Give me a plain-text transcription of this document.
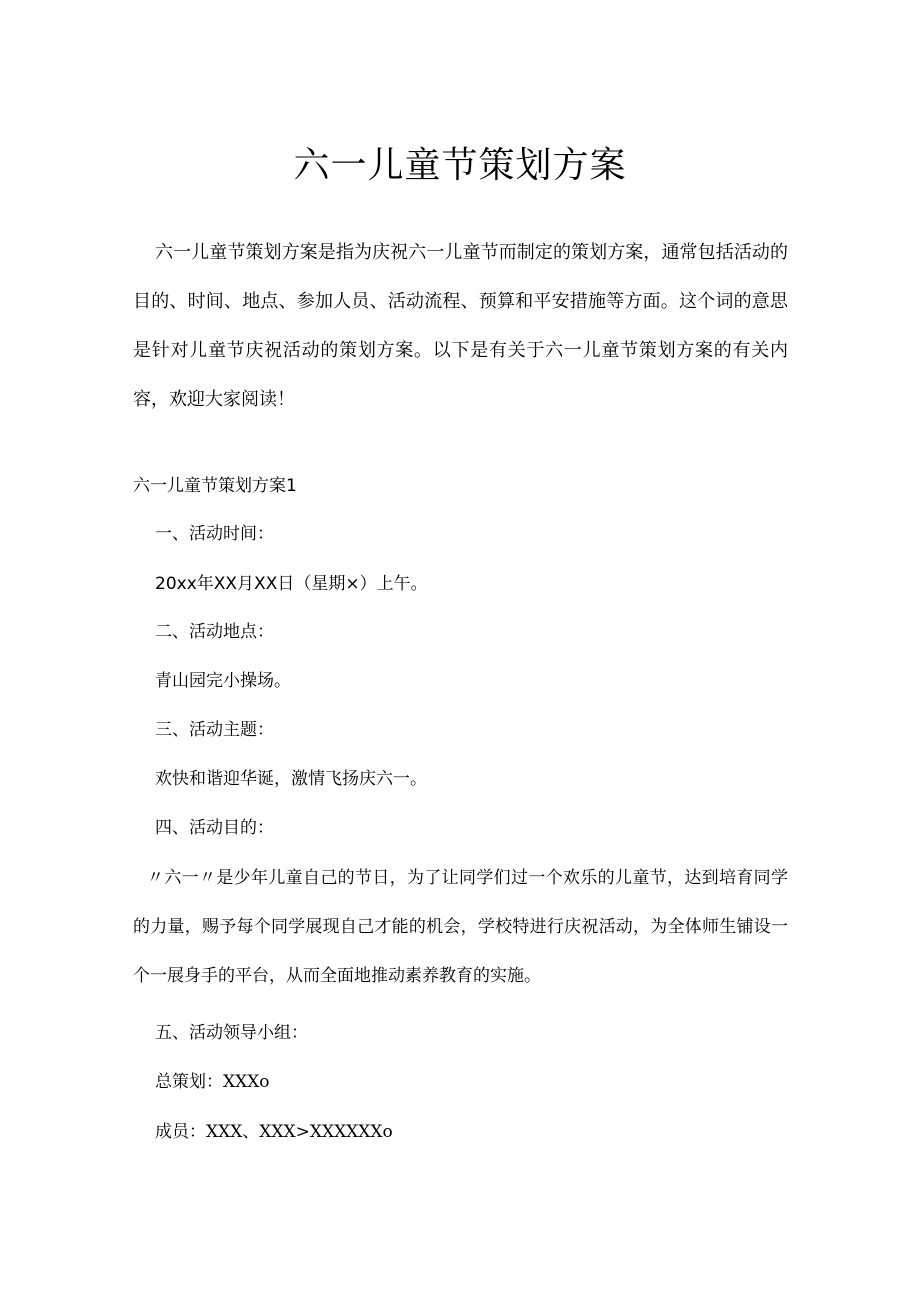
六一儿童节策划方案

六一儿童节策划方案是指为庆祝六一儿童节而制定的策划方案，通常包括活动的目的、时间、地点、参加人员、活动流程、预算和平安措施等方面。这个词的意思是针对儿童节庆祝活动的策划方案。以下是有关于六一儿童节策划方案的有关内容，欢迎大家阅读！

六一儿童节策划方案1

一、活动时间：

20xx年XX月XX日（星期×）上午。

二、活动地点：

青山园完小操场。

三、活动主题：

欢快和谐迎华诞，激情飞扬庆六一。

四、活动目的：

〃六一〃是少年儿童自己的节日，为了让同学们过一个欢乐的儿童节，达到培育同学的力量，赐予每个同学展现自己才能的机会，学校特进行庆祝活动，为全体师生铺设一个一展身手的平台，从而全面地推动素养教育的实施。

五、活动领导小组：

总策划：XXXo

成员：XXX、XXX>XXXXXXo
